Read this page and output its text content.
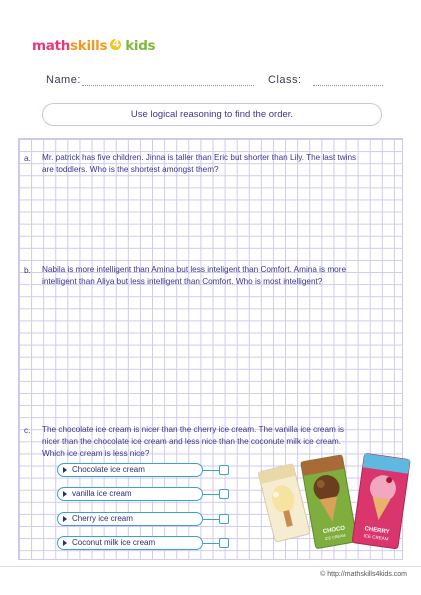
mathskills4 kids
Name:	Class:
Use logical reasoning to find the order.
a. Mr. patrick has five children. Jinna is taller than Eric but shorter than Lily. The last twins
are toddlers. Who is the shortest amongst them?
b. Nabila is more intelligent than Amina but less inteligent than Comfort. Amina is more
intelligent than Aliya but less intelligent than Comfort. Who is most intelligent?
c. The chocolate ice cream is nicer than the cherry ice cream. The vanilla ice cream is
nicer than the chocolate ice cream and less nice than the coconute milk ice cream.
Which ice cream is less nice?
Chocolate ice cream
vanilla ice cream
Cherry ice cream
Coconut milk ice cream
CHOCO
ICE CREAM
CHERRY
ICE CREAM
© http://mathskills4kids.com
